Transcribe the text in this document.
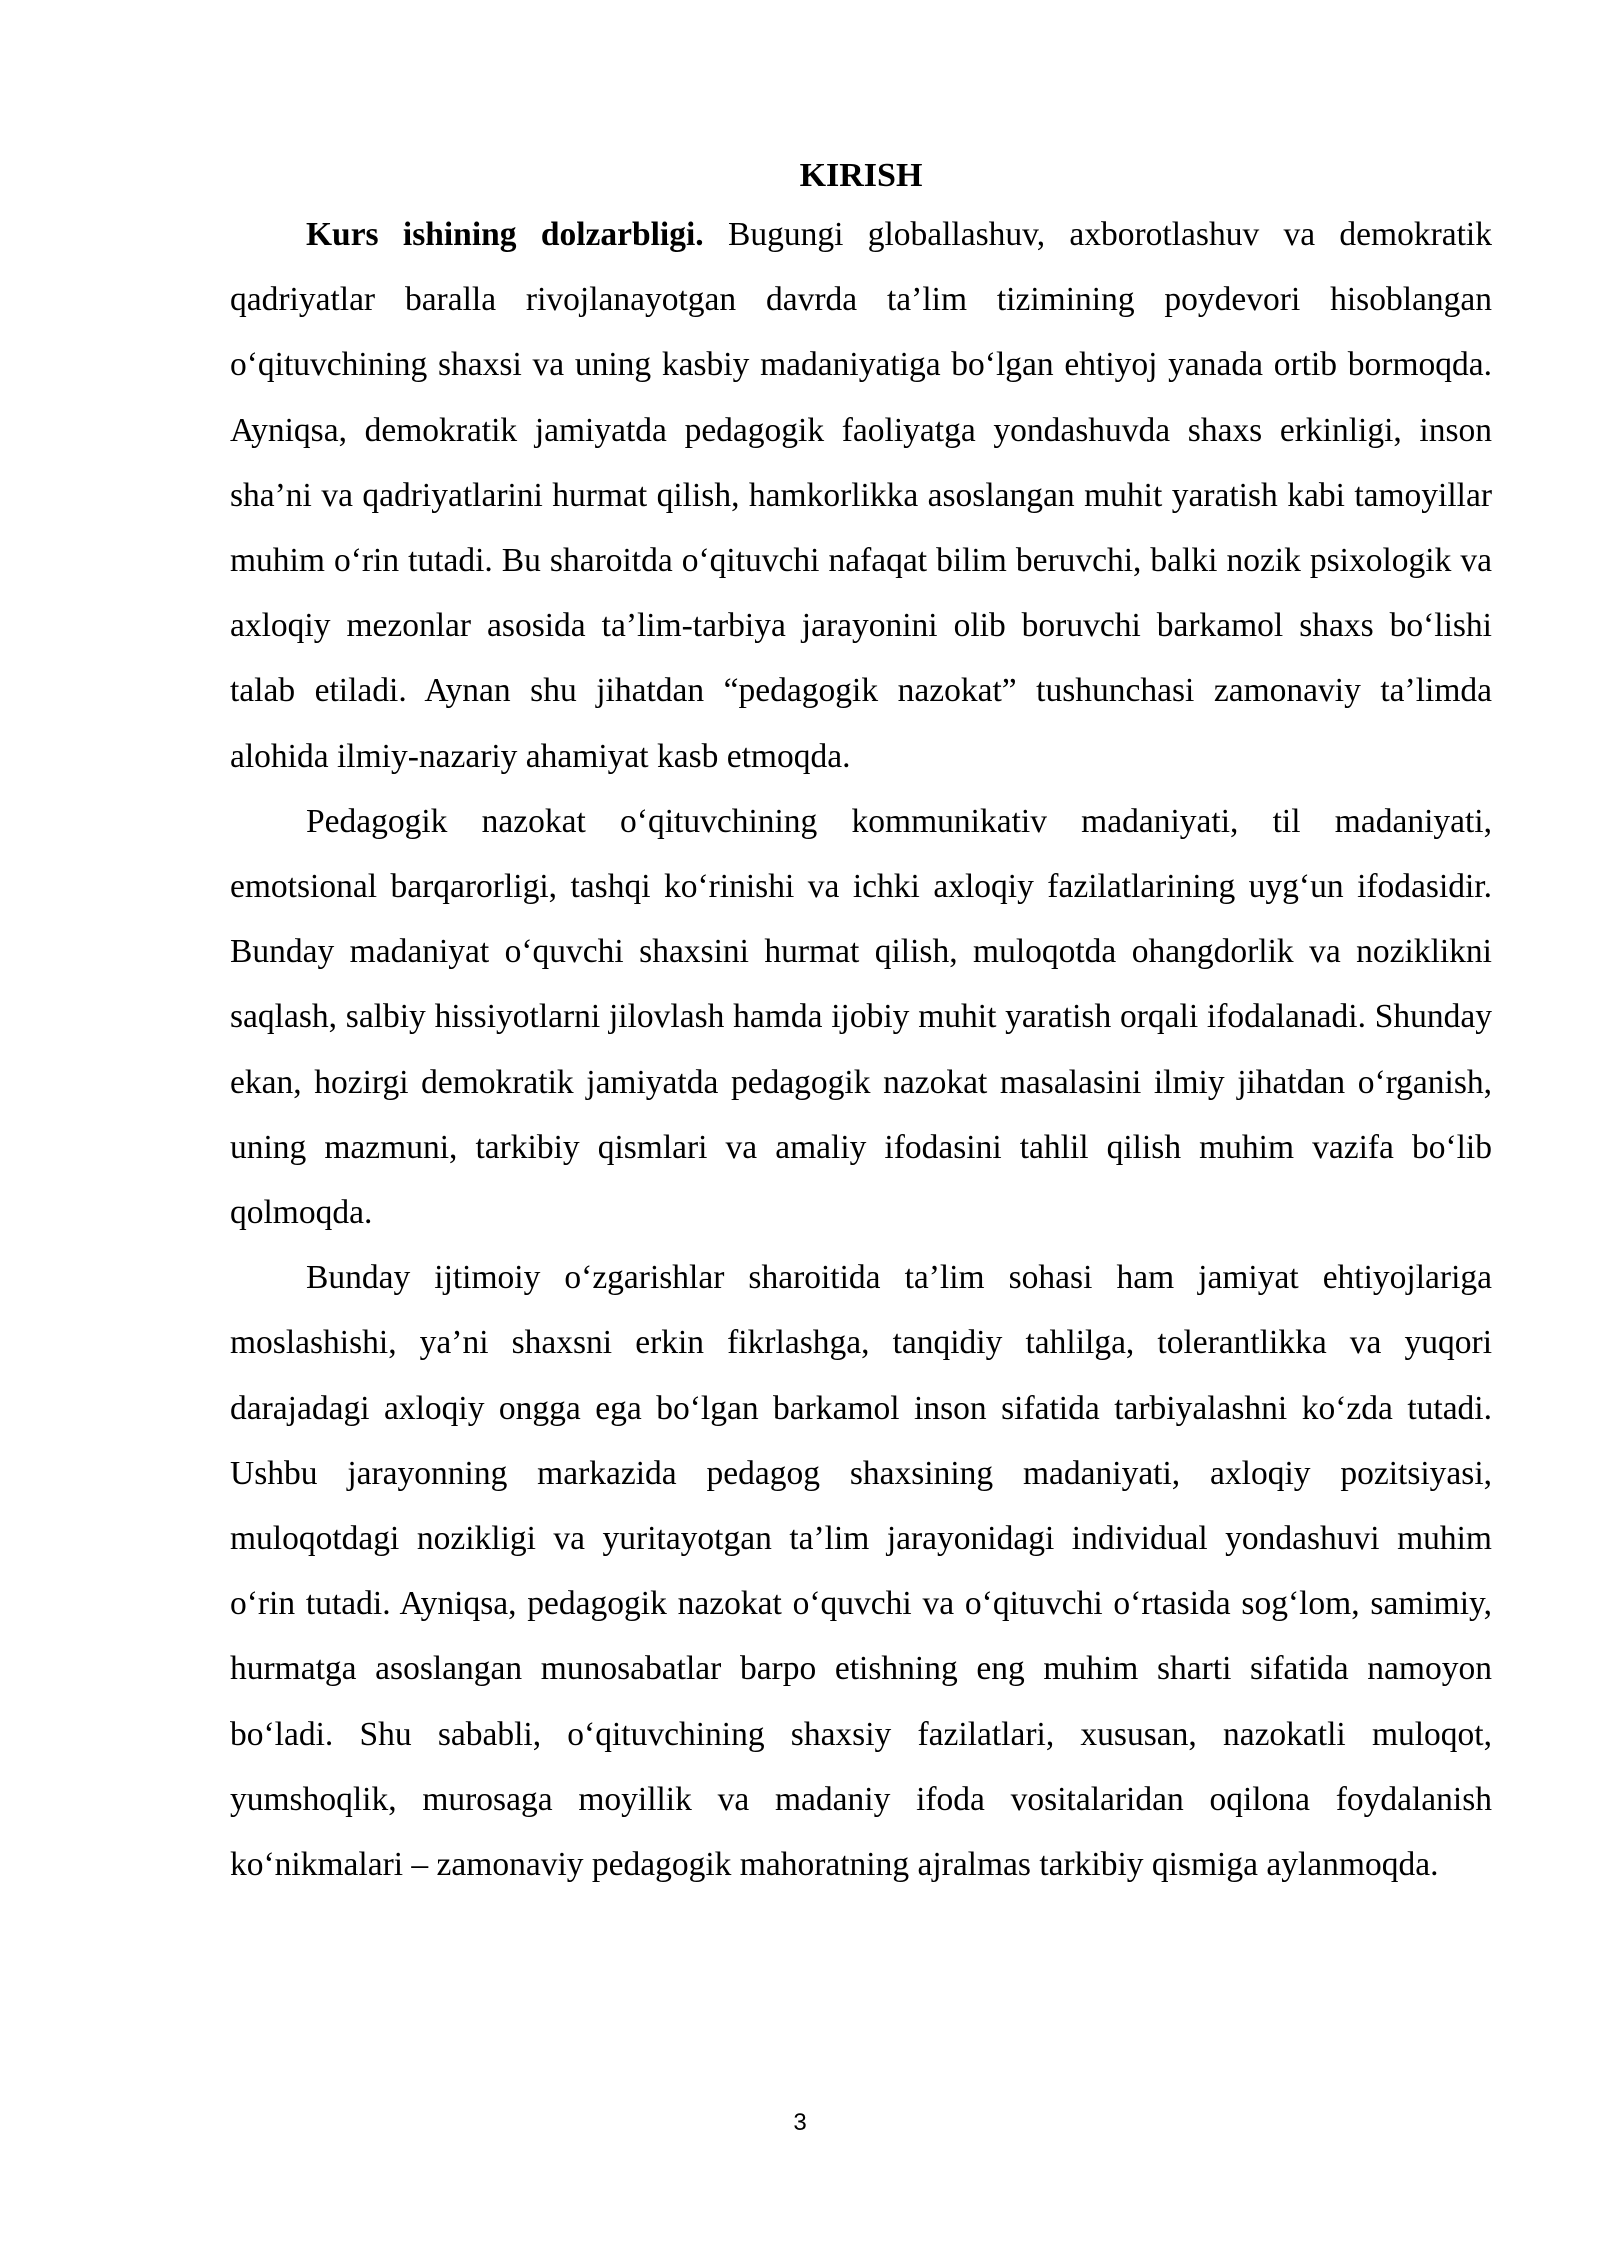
KIRISH

Kurs ishining dolzarbligi. Bugungi globallashuv, axborotlashuv va demokratik qadriyatlar baralla rivojlanayotgan davrda ta’lim tizimining poydevori hisoblangan o‘qituvchining shaxsi va uning kasbiy madaniyatiga bo‘lgan ehtiyoj yanada ortib bormoqda. Ayniqsa, demokratik jamiyatda pedagogik faoliyatga yondashuvda shaxs erkinligi, inson sha’ni va qadriyatlarini hurmat qilish, hamkorlikka asoslangan muhit yaratish kabi tamoyillar muhim o‘rin tutadi. Bu sharoitda o‘qituvchi nafaqat bilim beruvchi, balki nozik psixologik va axloqiy mezonlar asosida ta’lim-tarbiya jarayonini olib boruvchi barkamol shaxs bo‘lishi talab etiladi. Aynan shu jihatdan “pedagogik nazokat” tushunchasi zamonaviy ta’limda alohida ilmiy-nazariy ahamiyat kasb etmoqda.

Pedagogik nazokat o‘qituvchining kommunikativ madaniyati, til madaniyati, emotsional barqarorligi, tashqi ko‘rinishi va ichki axloqiy fazilatlarining uyg‘un ifodasidir. Bunday madaniyat o‘quvchi shaxsini hurmat qilish, muloqotda ohangdorlik va noziklikni saqlash, salbiy hissiyotlarni jilovlash hamda ijobiy muhit yaratish orqali ifodalanadi. Shunday ekan, hozirgi demokratik jamiyatda pedagogik nazokat masalasini ilmiy jihatdan o‘rganish, uning mazmuni, tarkibiy qismlari va amaliy ifodasini tahlil qilish muhim vazifa bo‘lib qolmoqda.

Bunday ijtimoiy o‘zgarishlar sharoitida ta’lim sohasi ham jamiyat ehtiyojlariga moslashishi, ya’ni shaxsni erkin fikrlashga, tanqidiy tahlilga, tolerantlikka va yuqori darajadagi axloqiy ongga ega bo‘lgan barkamol inson sifatida tarbiyalashni ko‘zda tutadi. Ushbu jarayonning markazida pedagog shaxsining madaniyati, axloqiy pozitsiyasi, muloqotdagi nozikligi va yuritayotgan ta’lim jarayonidagi individual yondashuvi muhim o‘rin tutadi. Ayniqsa, pedagogik nazokat o‘quvchi va o‘qituvchi o‘rtasida sog‘lom, samimiy, hurmatga asoslangan munosabatlar barpo etishning eng muhim sharti sifatida namoyon bo‘ladi. Shu sababli, o‘qituvchining shaxsiy fazilatlari, xususan, nazokatli muloqot, yumshoqlik, murosaga moyillik va madaniy ifoda vositalaridan oqilona foydalanish ko‘nikmalari – zamonaviy pedagogik mahoratning ajralmas tarkibiy qismiga aylanmoqda.

3
